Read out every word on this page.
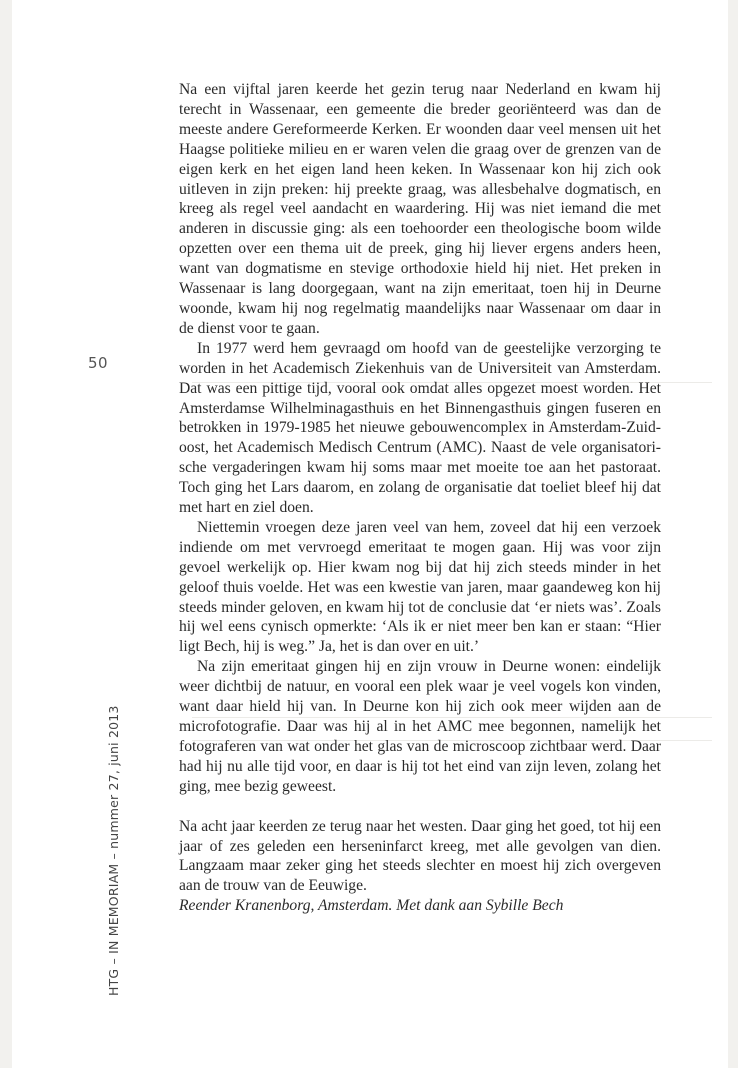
50
HTG – IN MEMORIAM – nummer 27, juni 2013

Na een vijftal jaren keerde het gezin terug naar Nederland en kwam hij terecht in Wassenaar, een gemeente die breder georiënteerd was dan de meeste andere Gereformeerde Kerken. Er woonden daar veel mensen uit het Haagse politieke milieu en er waren velen die graag over de grenzen van de eigen kerk en het eigen land heen keken. In Wassenaar kon hij zich ook uitleven in zijn preken: hij preekte graag, was allesbehalve dogmatisch, en kreeg als regel veel aandacht en waardering. Hij was niet iemand die met anderen in discussie ging: als een toehoorder een theologische boom wilde opzetten over een thema uit de preek, ging hij liever ergens anders heen, want van dogmatisme en stevige orthodoxie hield hij niet. Het preken in Wassenaar is lang doorgegaan, want na zijn emeritaat, toen hij in Deurne woonde, kwam hij nog regelmatig maandelijks naar Wassenaar om daar in de dienst voor te gaan.

In 1977 werd hem gevraagd om hoofd van de geestelijke verzorging te worden in het Academisch Ziekenhuis van de Universiteit van Amsterdam. Dat was een pittige tijd, vooral ook omdat alles opgezet moest worden. Het Amsterdamse Wilhelminagasthuis en het Binnengasthuis gingen fuseren en betrokken in 1979-1985 het nieuwe gebouwencomplex in Amsterdam-Zuidoost, het Academisch Medisch Centrum (AMC). Naast de vele organisatorische vergaderingen kwam hij soms maar met moeite toe aan het pastoraat. Toch ging het Lars daarom, en zolang de organisatie dat toeliet bleef hij dat met hart en ziel doen.

Niettemin vroegen deze jaren veel van hem, zoveel dat hij een verzoek indiende om met vervroegd emeritaat te mogen gaan. Hij was voor zijn gevoel werkelijk op. Hier kwam nog bij dat hij zich steeds minder in het geloof thuis voelde. Het was een kwestie van jaren, maar gaandeweg kon hij steeds minder geloven, en kwam hij tot de conclusie dat ‘er niets was’. Zoals hij wel eens cynisch opmerkte: ‘Als ik er niet meer ben kan er staan: “Hier ligt Bech, hij is weg.” Ja, het is dan over en uit.’

Na zijn emeritaat gingen hij en zijn vrouw in Deurne wonen: eindelijk weer dichtbij de natuur, en vooral een plek waar je veel vogels kon vinden, want daar hield hij van. In Deurne kon hij zich ook meer wijden aan de microfotografie. Daar was hij al in het AMC mee begonnen, namelijk het fotograferen van wat onder het glas van de microscoop zichtbaar werd. Daar had hij nu alle tijd voor, en daar is hij tot het eind van zijn leven, zolang het ging, mee bezig geweest.

Na acht jaar keerden ze terug naar het westen. Daar ging het goed, tot hij een jaar of zes geleden een herseninfarct kreeg, met alle gevolgen van dien. Langzaam maar zeker ging het steeds slechter en moest hij zich overgeven aan de trouw van de Eeuwige.

Reender Kranenborg, Amsterdam. Met dank aan Sybille Bech
